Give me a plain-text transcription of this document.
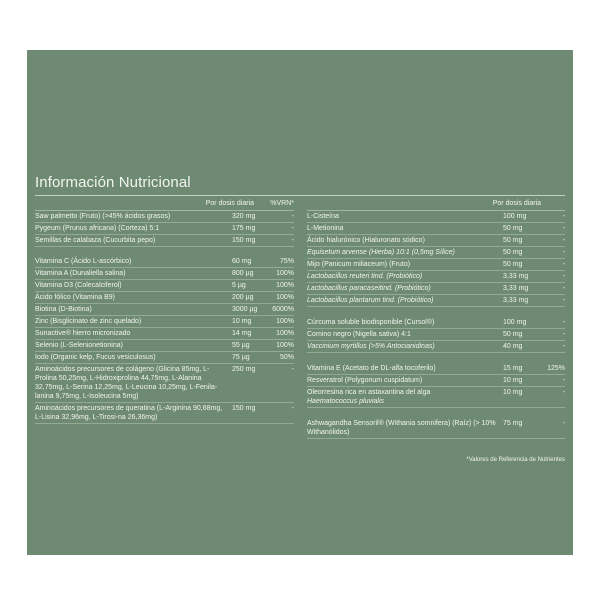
Información Nutricional
Por dosis diaria	%VRN*
Saw palmetto (Fruto) (>45% ácidos grasos)	320 mg	-
Pygeum (Prunus africana) (Corteza) 5:1	175 mg	-
Semillas de calabaza (Cucurbita pepo)	150 mg	-
Vitamina C (Ácido L-ascórbico)	60 mg	75%
Vitamina A (Dunaliella salina)	800 µg	100%
Vitamina D3 (Colecalciferol)	5 µg	100%
Ácido fólico (Vitamina B9)	200 µg	100%
Biotina (D-Biotina)	3000 µg	6000%
Zinc (Bisglicinato de zinc quelado)	10 mg	100%
Sunactive® hierro micronizado	14 mg	100%
Selenio (L-Selenionetionina)	55 µg	100%
Iodo (Organic kelp, Fucus vesiculosus)	75 µg	50%
Aminoácidos precursores de colágeno (Glicina 85mg, L-Prolina 50,25mg, L-Hidroxiprolina 44,75mg, L-Alanina 32,75mg, L-Serina 12,25mg, L-Leucina 10,25mg, L-Fenila-lanina 9,75mg, L-Isoleucina 5mg)
250 mg	-
Aminoácidos precursores de queratina (L-Arginina 90,68mg, L-Lisina 32,96mg, L-Tirosi-na 26,36mg)
150 mg	-
Por dosis diaria
L-Cisteína	100 mg	-
L-Metionina	50 mg	-
Ácido hialurónico (Hialuronato sódico)	50 mg	-
Equisetum arvense (Hierba) 10:1 (0,5mg Sílice)	50 mg	-
Mijo (Panicum miliaceum) (Fruto)	50 mg	-
Lactobacillus reuteri tind. (Probiótico)	3,33 mg	-
Lactobacillus paracaseitind. (Probiótico)	3,33 mg	-
Lactobacillus plantarum tind. (Probiótico)	3,33 mg	-
Cúrcuma soluble biodisponible (Cursol®)	100 mg	-
Comino negro (Nigella sativa) 4:1	50 mg	-
Vaccinium myrtillus (>5% Antocianidinas)	40 mg	-
Vitamina E (Acetato de DL-alfa tocoferilo)	15 mg	125%
Resveratrol (Polygonum cuspidatum)	10 mg	-
Oleorresina rica en astaxantina del alga
Haematococcus pluvialis
10 mg	-
Ashwagandha Sensoril® (Withania somnifera) (Raíz) (> 10% Withanólidos)
75 mg	-
*Valores de Referencia de Nutrientes
